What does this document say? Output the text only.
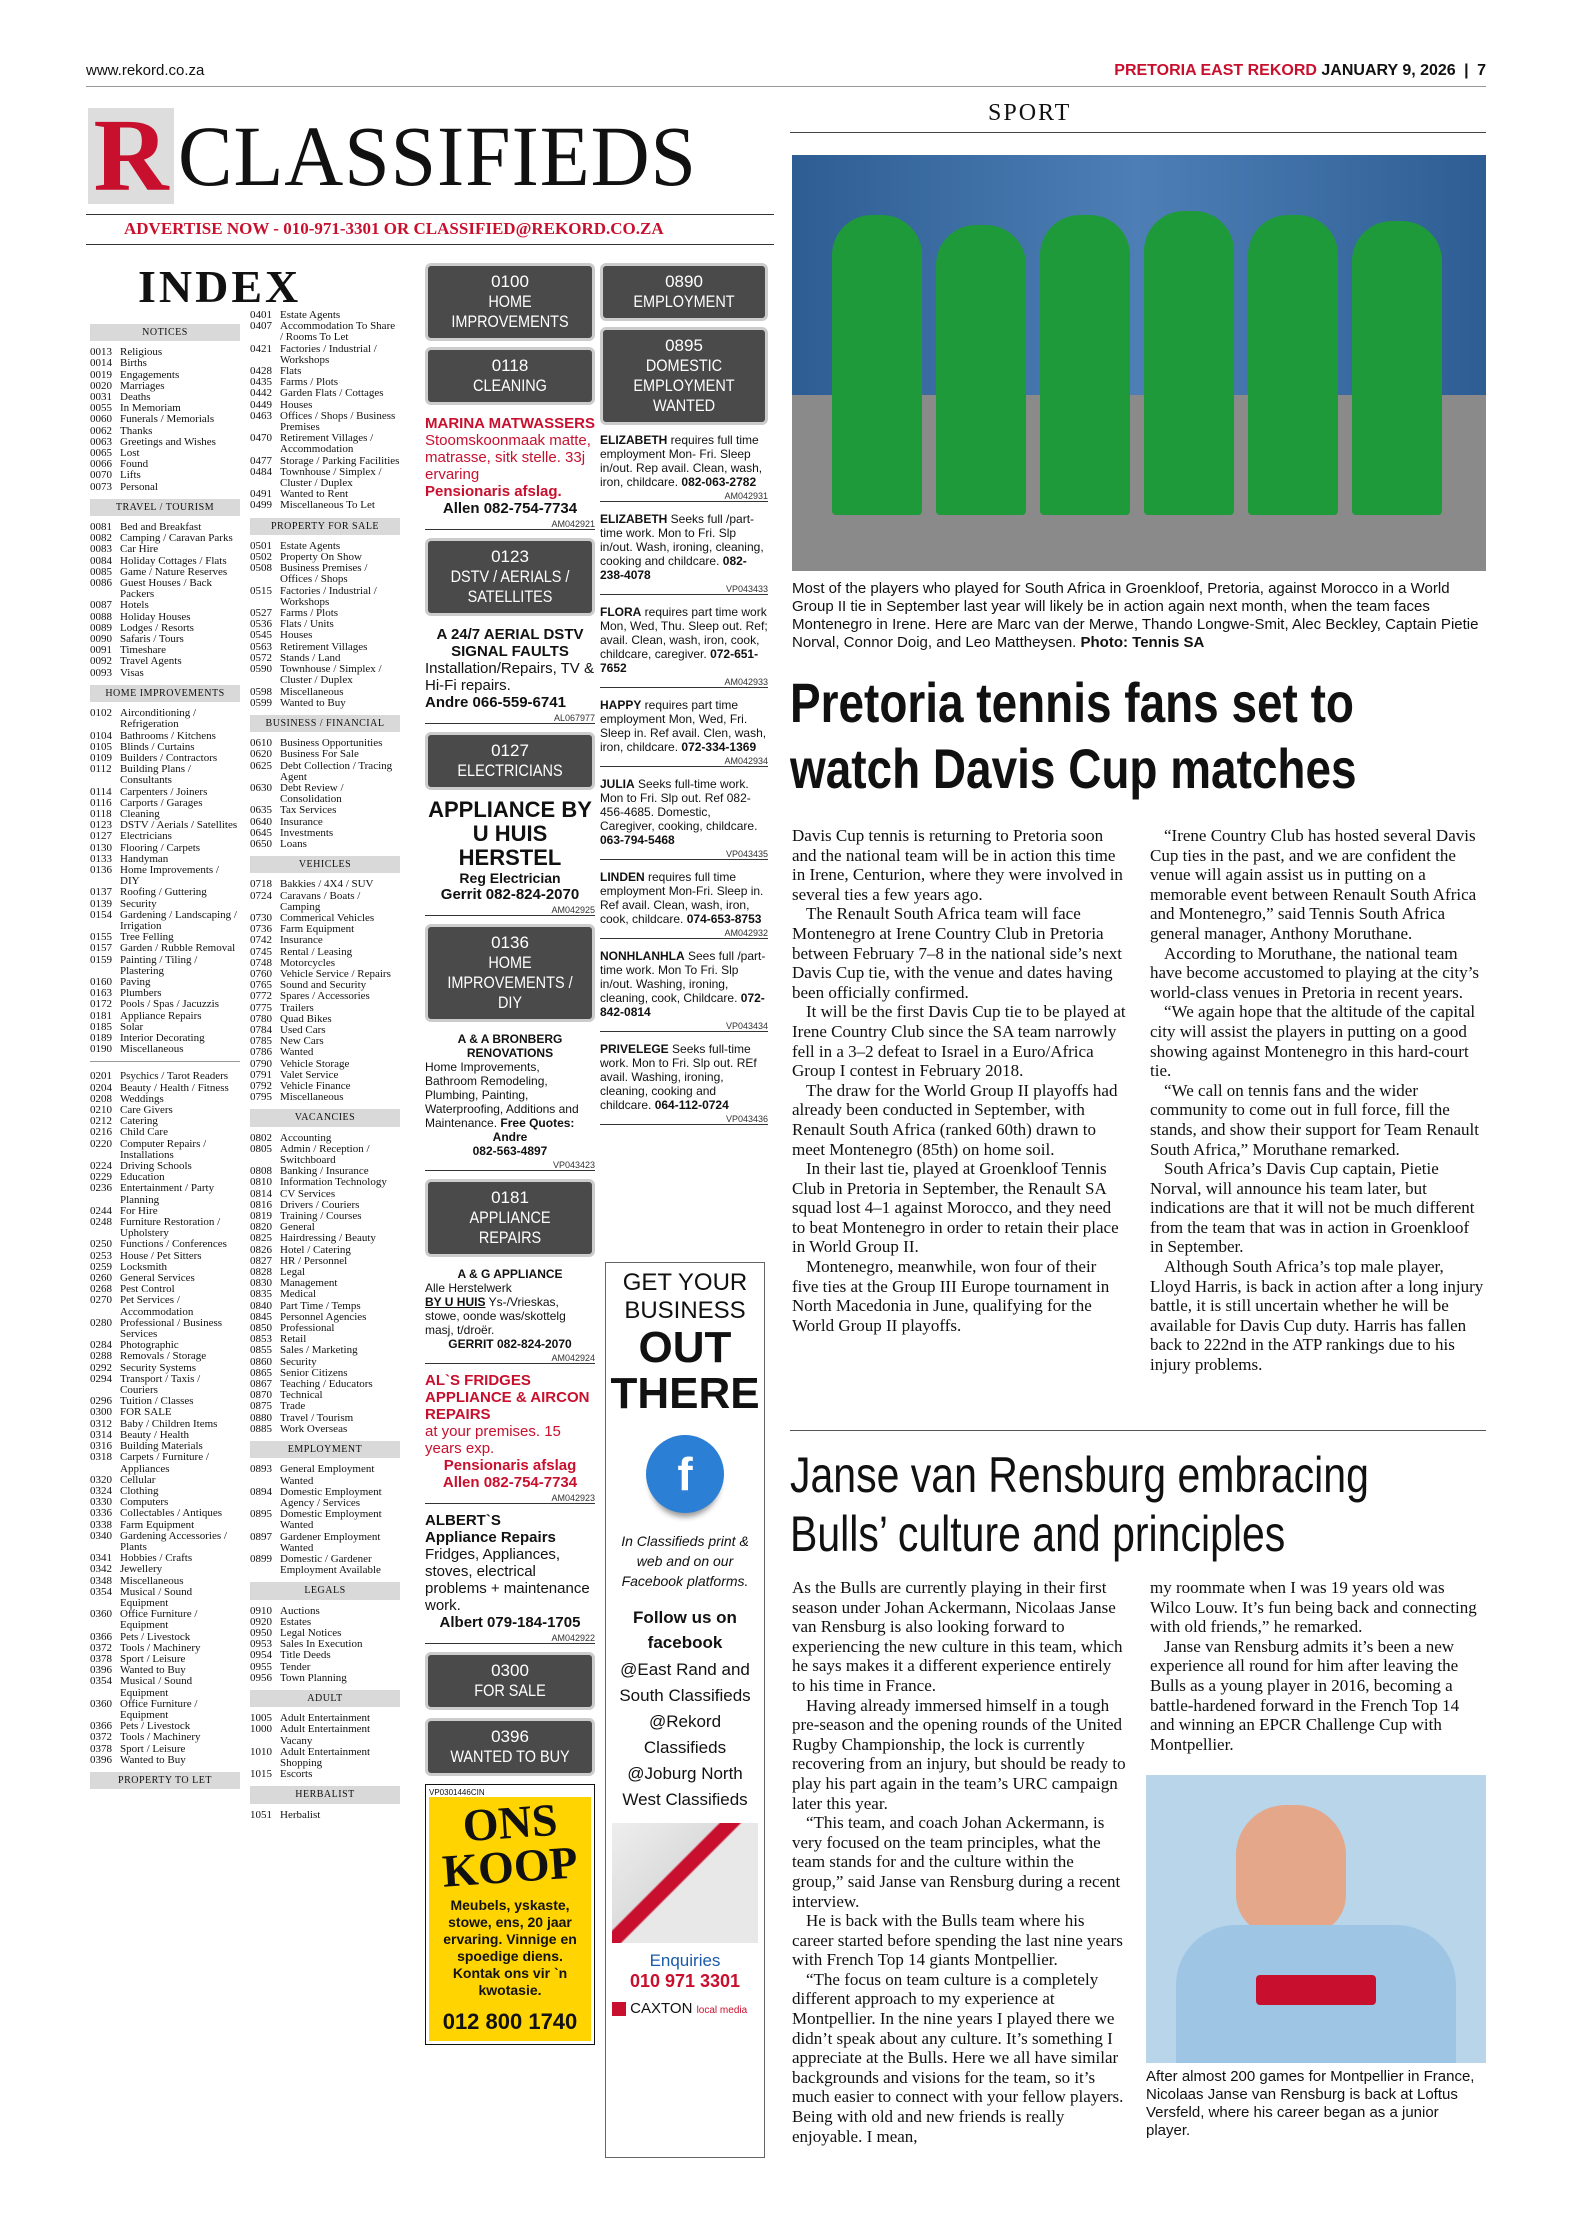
www.rekord.co.za	PRETORIA EAST REKORD JANUARY 9, 2026 | 7
R CLASSIFIEDS
ADVERTISE NOW - 010-971-3301 OR CLASSIFIED@REKORD.CO.ZA
INDEX
NOTICES
0013 Religious
0014 Births
0019 Engagements
0020 Marriages
0031 Deaths
0055 In Memoriam
0060 Funerals / Memorials
0062 Thanks
0063 Greetings and Wishes
0065 Lost
0066 Found
0070 Lifts
0073 Personal
TRAVEL / TOURISM
0081 Bed and Breakfast
0082 Camping / Caravan Parks
0083 Car Hire
0084 Holiday Cottages / Flats
0085 Game / Nature Reserves
0086 Guest Houses / Back Packers
0087 Hotels
0088 Holiday Houses
0089 Lodges / Resorts
0090 Safaris / Tours
0091 Timeshare
0092 Travel Agents
0093 Visas
HOME IMPROVEMENTS
0102 Airconditioning / Refrigeration
0104 Bathrooms / Kitchens
0105 Blinds / Curtains
0109 Builders / Contractors
0112 Building Plans / Consultants
0114 Carpenters / Joiners
0116 Carports / Garages
0118 Cleaning
0123 DSTV / Aerials / Satellites
0127 Electricians
0130 Flooring / Carpets
0133 Handyman
0136 Home Improvements / DIY
0137 Roofing / Guttering
0139 Security
0154 Gardening / Landscaping / Irrigation
0155 Tree Felling
0157 Garden / Rubble Removal
0159 Painting / Tiling / Plastering
0160 Paving
0163 Plumbers
0172 Pools / Spas / Jacuzzis
0181 Appliance Repairs
0185 Solar
0189 Interior Decorating
0190 Miscellaneous
0201 Psychics / Tarot Readers
0204 Beauty / Health / Fitness
0208 Weddings
0210 Care Givers
0212 Catering
0216 Child Care
0220 Computer Repairs / Installations
0224 Driving Schools
0229 Education
0236 Entertainment / Party Planning
0244 For Hire
0248 Furniture Restoration / Upholstery
0250 Functions / Conferences
0253 House / Pet Sitters
0259 Locksmith
0260 General Services
0268 Pest Control
0270 Pet Services / Accommodation
0280 Professional / Business Services
0284 Photographic
0288 Removals / Storage
0292 Security Systems
0294 Transport / Taxis / Couriers
0296 Tuition / Classes
0300 FOR SALE
0312 Baby / Children Items
0314 Beauty / Health
0316 Building Materials
0318 Carpets / Furniture / Appliances
0320 Cellular
0324 Clothing
0330 Computers
0336 Collectables / Antiques
0338 Farm Equipment
0340 Gardening Accessories / Plants
0341 Hobbies / Crafts
0342 Jewellery
0348 Miscellaneous
0354 Musical / Sound Equipment
0360 Office Furniture / Equipment
0366 Pets / Livestock
0372 Tools / Machinery
0378 Sport / Leisure
0396 Wanted to Buy
0354 Musical / Sound Equipment
0360 Office Furniture / Equipment
0366 Pets / Livestock
0372 Tools / Machinery
0378 Sport / Leisure
0396 Wanted to Buy
PROPERTY TO LET
0401 Estate Agents
0407 Accommodation To Share / Rooms To Let
0421 Factories / Industrial / Workshops
0428 Flats
0435 Farms / Plots
0442 Garden Flats / Cottages
0449 Houses
0463 Offices / Shops / Business Premises
0470 Retirement Villages / Accommodation
0477 Storage / Parking Facilities
0484 Townhouse / Simplex / Cluster / Duplex
0491 Wanted to Rent
0499 Miscellaneous To Let
PROPERTY FOR SALE
0501 Estate Agents
0502 Property On Show
0508 Business Premises / Offices / Shops
0515 Factories / Industrial / Workshops
0527 Farms / Plots
0536 Flats / Units
0545 Houses
0563 Retirement Villages
0572 Stands / Land
0590 Townhouse / Simplex / Cluster / Duplex
0598 Miscellaneous
0599 Wanted to Buy
BUSINESS / FINANCIAL
0610 Business Opportunities
0620 Business For Sale
0625 Debt Collection / Tracing Agent
0630 Debt Review / Consolidation
0635 Tax Services
0640 Insurance
0645 Investments
0650 Loans
VEHICLES
0718 Bakkies / 4X4 / SUV
0724 Caravans / Boats / Camping
0730 Commerical Vehicles
0736 Farm Equipment
0742 Insurance
0745 Rental / Leasing
0748 Motorcycles
0760 Vehicle Service / Repairs
0765 Sound and Security
0772 Spares / Accessories
0775 Trailers
0780 Quad Bikes
0784 Used Cars
0785 New Cars
0786 Wanted
0790 Vehicle Storage
0791 Valet Service
0792 Vehicle Finance
0795 Miscellaneous
VACANCIES
0802 Accounting
0805 Admin / Reception / Switchboard
0808 Banking / Insurance
0810 Information Technology
0814 CV Services
0816 Drivers / Couriers
0819 Training / Courses
0820 General
0825 Hairdressing / Beauty
0826 Hotel / Catering
0827 HR / Personnel
0828 Legal
0830 Management
0835 Medical
0840 Part Time / Temps
0845 Personnel Agencies
0850 Professional
0853 Retail
0855 Sales / Marketing
0860 Security
0865 Senior Citizens
0867 Teaching / Educators
0870 Technical
0875 Trade
0880 Travel / Tourism
0885 Work Overseas
EMPLOYMENT
0893 General Employment Wanted
0894 Domestic Employment Agency / Services
0895 Domestic Employment Wanted
0897 Gardener Employment Wanted
0899 Domestic / Gardener Employment Available
LEGALS
0910 Auctions
0920 Estates
0950 Legal Notices
0953 Sales In Execution
0954 Title Deeds
0955 Tender
0956 Town Planning
ADULT
1005 Adult Entertainment
1000 Adult Entertainment Vacany
1010 Adult Entertainment Shopping
1015 Escorts
HERBALIST
1051 Herbalist
0100
HOME IMPROVEMENTS
0118
CLEANING
MARINA MATWASSERS
Stoomskoonmaak matte, matrasse, sitk stelle. 33j ervaring
Pensionaris afslag.
Allen 082-754-7734
AM042921
0123
DSTV / AERIALS / SATELLITES
A 24/7 AERIAL DSTV SIGNAL FAULTS
Installation/Repairs, TV & Hi-Fi repairs.
Andre 066-559-6741
AL067977
0127
ELECTRICIANS
APPLIANCE BY U HUIS HERSTEL
Reg Electrician
Gerrit 082-824-2070
AM042925
0136
HOME IMPROVEMENTS / DIY
A & A BRONBERG RENOVATIONS
Home Improvements, Bathroom Remodeling, Plumbing, Painting, Waterproofing, Additions and Maintenance. Free Quotes:
Andre
082-563-4897
VP043423
0181
APPLIANCE REPAIRS
A & G APPLIANCE
Alle Herstelwerk
BY U HUIS Ys-/Vrieskas, stowe, oonde was/skottelg masj, t/droër.
GERRIT 082-824-2070
AM042924
AL`S FRIDGES APPLIANCE & AIRCON REPAIRS
at your premises. 15 years exp.
Pensionaris afslag
Allen 082-754-7734
AM042923
ALBERT`S
Appliance Repairs
Fridges, Appliances, stoves, electrical problems + maintenance work.
Albert 079-184-1705
AM042922
0300
FOR SALE
0396
WANTED TO BUY
VP0301446CIN
ONS
KOOP
Meubels, yskaste, stowe, ens, 20 jaar ervaring. Vinnige en spoedige diens. Kontak ons vir `n kwotasie.
012 800 1740
0890
EMPLOYMENT
0895
DOMESTIC EMPLOYMENT WANTED
ELIZABETH requires full time employment Mon- Fri. Sleep in/out. Rep avail. Clean, wash, iron, childcare. 082-063-2782
AM042931
ELIZABETH Seeks full /part-time work. Mon to Fri. Slp in/out. Wash, ironing, cleaning, cooking and childcare. 082-238-4078
VP043433
FLORA requires part time work Mon, Wed, Thu. Sleep out. Ref; avail. Clean, wash, iron, cook, childcare, caregiver. 072-651-7652
AM042933
HAPPY requires part time employment Mon, Wed, Fri. Sleep in. Ref avail. Clen, wash, iron, childcare. 072-334-1369
AM042934
JULIA Seeks full-time work. Mon to Fri. Slp out. Ref 082-456-4685. Domestic, Caregiver, cooking, childcare. 063-794-5468
VP043435
LINDEN requires full time employment Mon-Fri. Sleep in. Ref avail. Clean, wash, iron, cook, childcare. 074-653-8753
AM042932
NONHLANHLA Sees full /part-time work. Mon To Fri. Slp in/out. Washing, ironing, cleaning, cook, Childcare. 072-842-0814
VP043434
PRIVELEGE Seeks full-time work. Mon to Fri. Slp out. REf avail. Washing, ironing, cleaning, cooking and childcare. 064-112-0724
VP043436
GET YOUR
BUSINESS
OUT
THERE
f
In Classifieds print & web and on our Facebook platforms.
Follow us on facebook
@East Rand and South Classifieds @Rekord Classifieds @Joburg North West Classifieds
Enquiries
010 971 3301
CAXTON local media
SPORT
Most of the players who played for South Africa in Groenkloof, Pretoria, against Morocco in a World Group II tie in September last year will likely be in action again next month, when the team faces Montenegro in Irene. Here are Marc van der Merwe, Thando Longwe-Smit, Alec Beckley, Captain Pietie Norval, Connor Doig, and Leo Mattheysen. Photo: Tennis SA
Pretoria tennis fans set to
watch Davis Cup matches

Davis Cup tennis is returning to Pretoria soon and the national team will be in action this time in Irene, Centurion, where they were involved in several ties a few years ago.

The Renault South Africa team will face Montenegro at Irene Country Club in Pretoria between February 7–8 in the national side’s next Davis Cup tie, with the venue and dates having been officially confirmed.

It will be the first Davis Cup tie to be played at Irene Country Club since the SA team narrowly fell in a 3–2 defeat to Israel in a Euro/Africa Group I contest in February 2018.

The draw for the World Group II playoffs had already been conducted in September, with Renault South Africa (ranked 60th) drawn to meet Montenegro (85th) on home soil.

In their last tie, played at Groenkloof Tennis Club in Pretoria in September, the Renault SA squad lost 4–1 against Morocco, and they need to beat Montenegro in order to retain their place in World Group II.

Montenegro, meanwhile, won four of their five ties at the Group III Europe tournament in North Macedonia in June, qualifying for the World Group II playoffs.

“Irene Country Club has hosted several Davis Cup ties in the past, and we are confident the venue will again assist us in putting on a memorable event between Renault South Africa and Montenegro,” said Tennis South Africa general manager, Anthony Moruthane.

According to Moruthane, the national team have become accustomed to playing at the city’s world-class venues in Pretoria in recent years.

“We again hope that the altitude of the capital city will assist the players in putting on a good showing against Montenegro in this hard-court tie.

“We call on tennis fans and the wider community to come out in full force, fill the stands, and show their support for Team Renault South Africa,” Moruthane remarked.

South Africa’s Davis Cup captain, Pietie Norval, will announce his team later, but indications are that it will not be much different from the team that was in action in Groenkloof in September.

Although South Africa’s top male player, Lloyd Harris, is back in action after a long injury battle, it is still uncertain whether he will be available for Davis Cup duty. Harris has fallen back to 222nd in the ATP rankings due to his injury problems.

Janse van Rensburg embracing
Bulls’ culture and principles

As the Bulls are currently playing in their first season under Johan Ackermann, Nicolaas Janse van Rensburg is also looking forward to experiencing the new culture in this team, which he says makes it a different experience entirely to his time in France.

Having already immersed himself in a tough pre-season and the opening rounds of the United Rugby Championship, the lock is currently recovering from an injury, but should be ready to play his part again in the team’s URC campaign later this year.

“This team, and coach Johan Ackermann, is very focused on the team principles, what the team stands for and the culture within the group,” said Janse van Rensburg during a recent interview.

He is back with the Bulls team where his career started before spending the last nine years with French Top 14 giants Montpellier.

“The focus on team culture is a completely different approach to my experience at Montpellier. In the nine years I played there we didn’t speak about any culture. It’s something I appreciate at the Bulls. Here we all have similar backgrounds and visions for the team, so it’s much easier to connect with your fellow players. Being with old and new friends is really enjoyable. I mean,

my roommate when I was 19 years old was Wilco Louw. It’s fun being back and connecting with old friends,” he remarked.

Janse van Rensburg admits it’s been a new experience all round for him after leaving the Bulls as a young player in 2016, becoming a battle-hardened forward in the French Top 14 and winning an EPCR Challenge Cup with Montpellier.

After almost 200 games for Montpellier in France, Nicolaas Janse van Rensburg is back at Loftus Versfeld, where his career began as a junior player.
